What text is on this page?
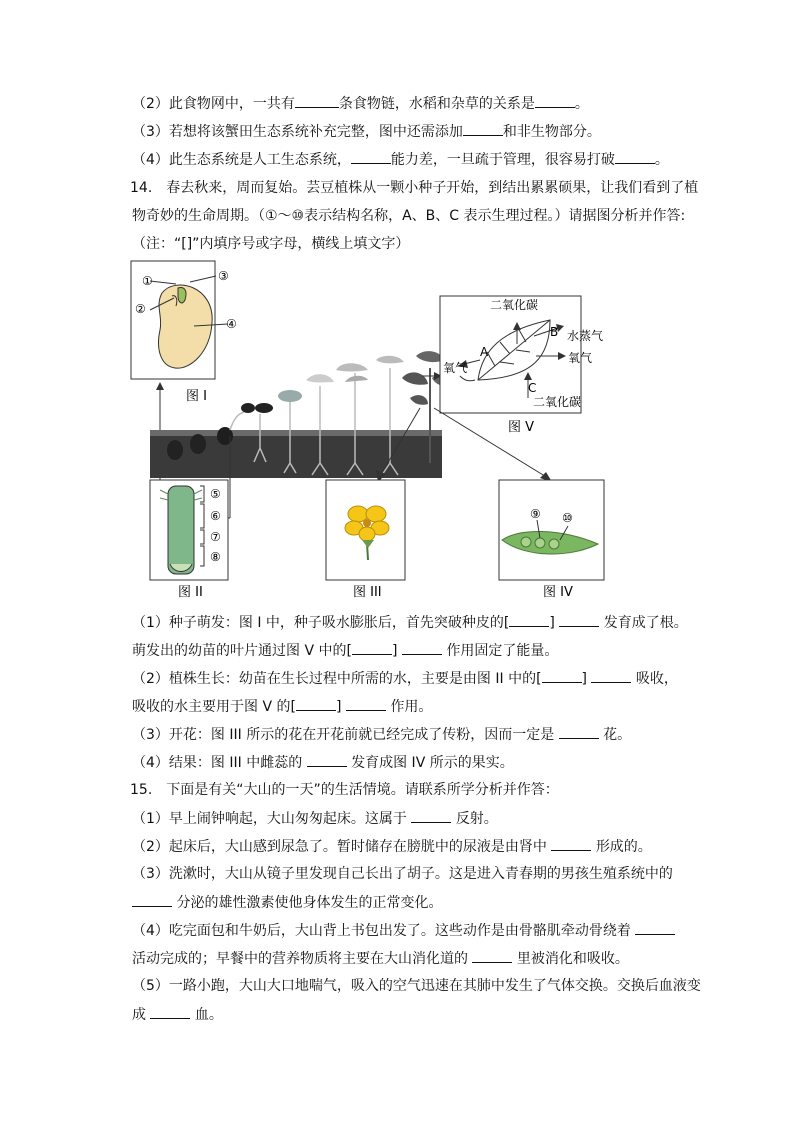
（2）此食物网中，一共有	条食物链，水稻和杂草的关系是	。
（3）若想将该蟹田生态系统补充完整，图中还需添加	和非生物部分。
（4）此生态系统是人工生态系统，	能力差，一旦疏于管理，很容易打破	。
14.　春去秋来，周而复始。芸豆植株从一颗小种子开始，到结出累累硕果，让我们看到了植
物奇妙的生命周期。（①～⑩表示结构名称，A、B、C 表示生理过程。）请据图分析并作答:
（注：“[]”内填序号或字母，横线上填文字）
①
②
③
④
图 I
二氧化碳
B 水蒸气
A
氧气
氧气
C
二氧化碳
图 V
⑤
⑥
⑦
⑧
图 II	图 III
⑨ ⑩
图 IV
（1）种子萌发：图 I 中，种子吸水膨胀后，首先突破种皮的[	]	发育成了根。
萌发出的幼苗的叶片通过图 V 中的[	]	作用固定了能量。
（2）植株生长：幼苗在生长过程中所需的水，主要是由图 II 中的[	]	吸收，
吸收的水主要用于图 V 的[	]	作用。
（3）开花：图 III 所示的花在开花前就已经完成了传粉，因而一定是	花。
（4）结果：图 III 中雌蕊的	发育成图 IV 所示的果实。
15.　下面是有关“大山的一天”的生活情境。请联系所学分析并作答：
（1）早上闹钟响起，大山匆匆起床。这属于	反射。
（2）起床后，大山感到尿急了。暂时储存在膀胱中的尿液是由肾中	形成的。
（3）洗漱时，大山从镜子里发现自己长出了胡子。这是进入青春期的男孩生殖系统中的
分泌的雄性激素使他身体发生的正常变化。
（4）吃完面包和牛奶后，大山背上书包出发了。这些动作是由骨骼肌牵动骨绕着
活动完成的；早餐中的营养物质将主要在大山消化道的	里被消化和吸收。
（5）一路小跑，大山大口地喘气，吸入的空气迅速在其肺中发生了气体交换。交换后血液变
成	血。
